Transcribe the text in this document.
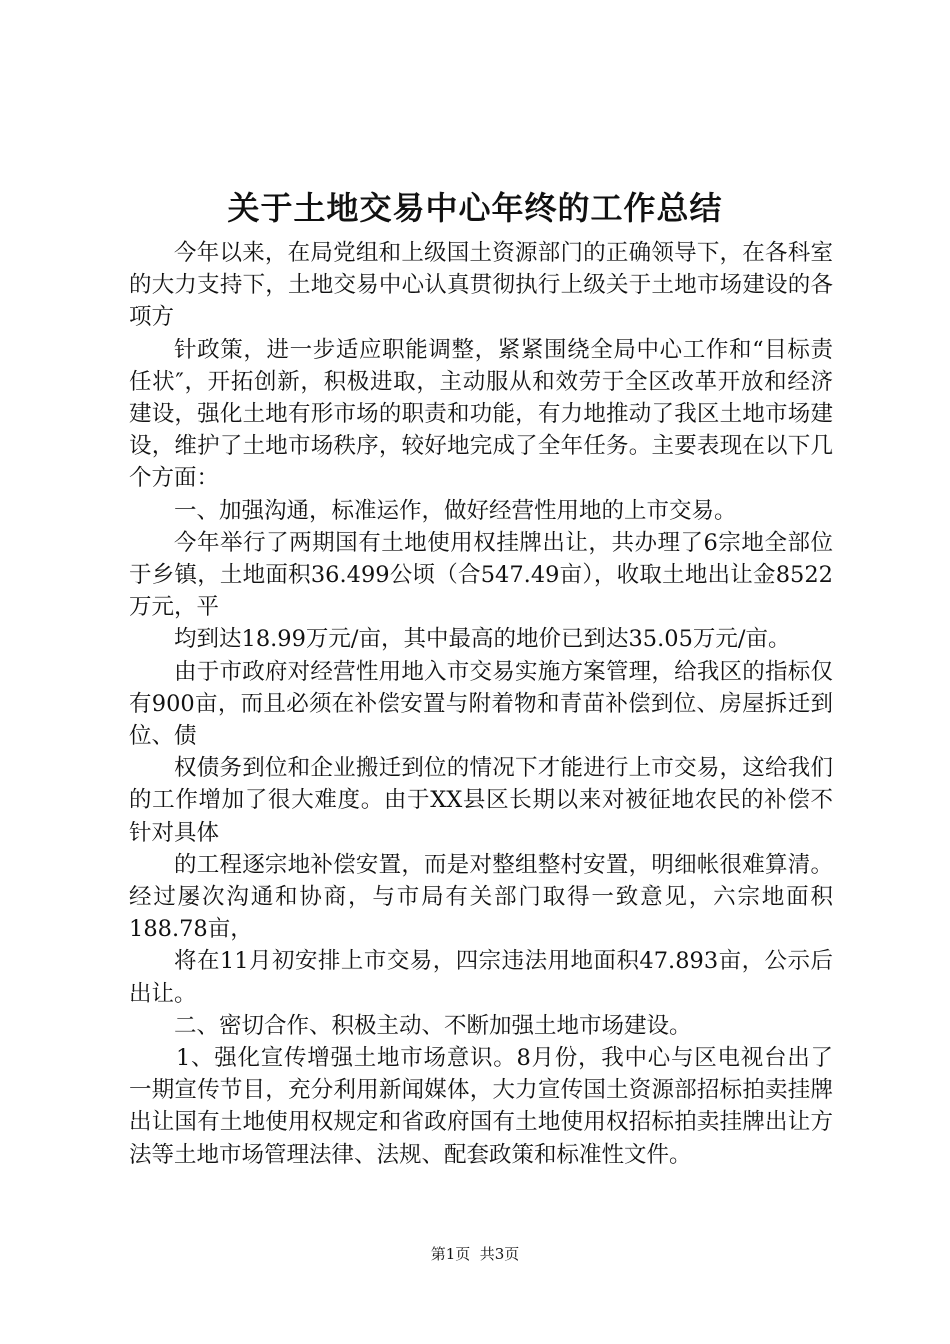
关于土地交易中心年终的工作总结

今年以来，在局党组和上级国土资源部门的正确领导下，在各科室的大力支持下，土地交易中心认真贯彻执行上级关于土地市场建设的各项方

针政策，进一步适应职能调整，紧紧围绕全局中心工作和“目标责任状″，开拓创新，积极进取，主动服从和效劳于全区改革开放和经济建设，强化土地有形市场的职责和功能，有力地推动了我区土地市场建设，维护了土地市场秩序，较好地完成了全年任务。主要表现在以下几个方面：

一、加强沟通，标准运作，做好经营性用地的上市交易。

今年举行了两期国有土地使用权挂牌出让，共办理了6宗地全部位于乡镇，土地面积36.499公顷（合547.49亩），收取土地出让金8522万元，平

均到达18.99万元/亩，其中最高的地价已到达35.05万元/亩。

由于市政府对经营性用地入市交易实施方案管理，给我区的指标仅有900亩，而且必须在补偿安置与附着物和青苗补偿到位、房屋拆迁到位、债

权债务到位和企业搬迁到位的情况下才能进行上市交易，这给我们的工作增加了很大难度。由于XX县区长期以来对被征地农民的补偿不针对具体

的工程逐宗地补偿安置，而是对整组整村安置，明细帐很难算清。经过屡次沟通和协商，与市局有关部门取得一致意见，六宗地面积188.78亩，

将在11月初安排上市交易，四宗违法用地面积47.893亩，公示后出让。

二、密切合作、积极主动、不断加强土地市场建设。

1、强化宣传增强土地市场意识。8月份，我中心与区电视台出了一期宣传节目，充分利用新闻媒体，大力宣传国土资源部招标拍卖挂牌出让国有土地使用权规定和省政府国有土地使用权招标拍卖挂牌出让方法等土地市场管理法律、法规、配套政策和标准性文件。

第1页  共3页
